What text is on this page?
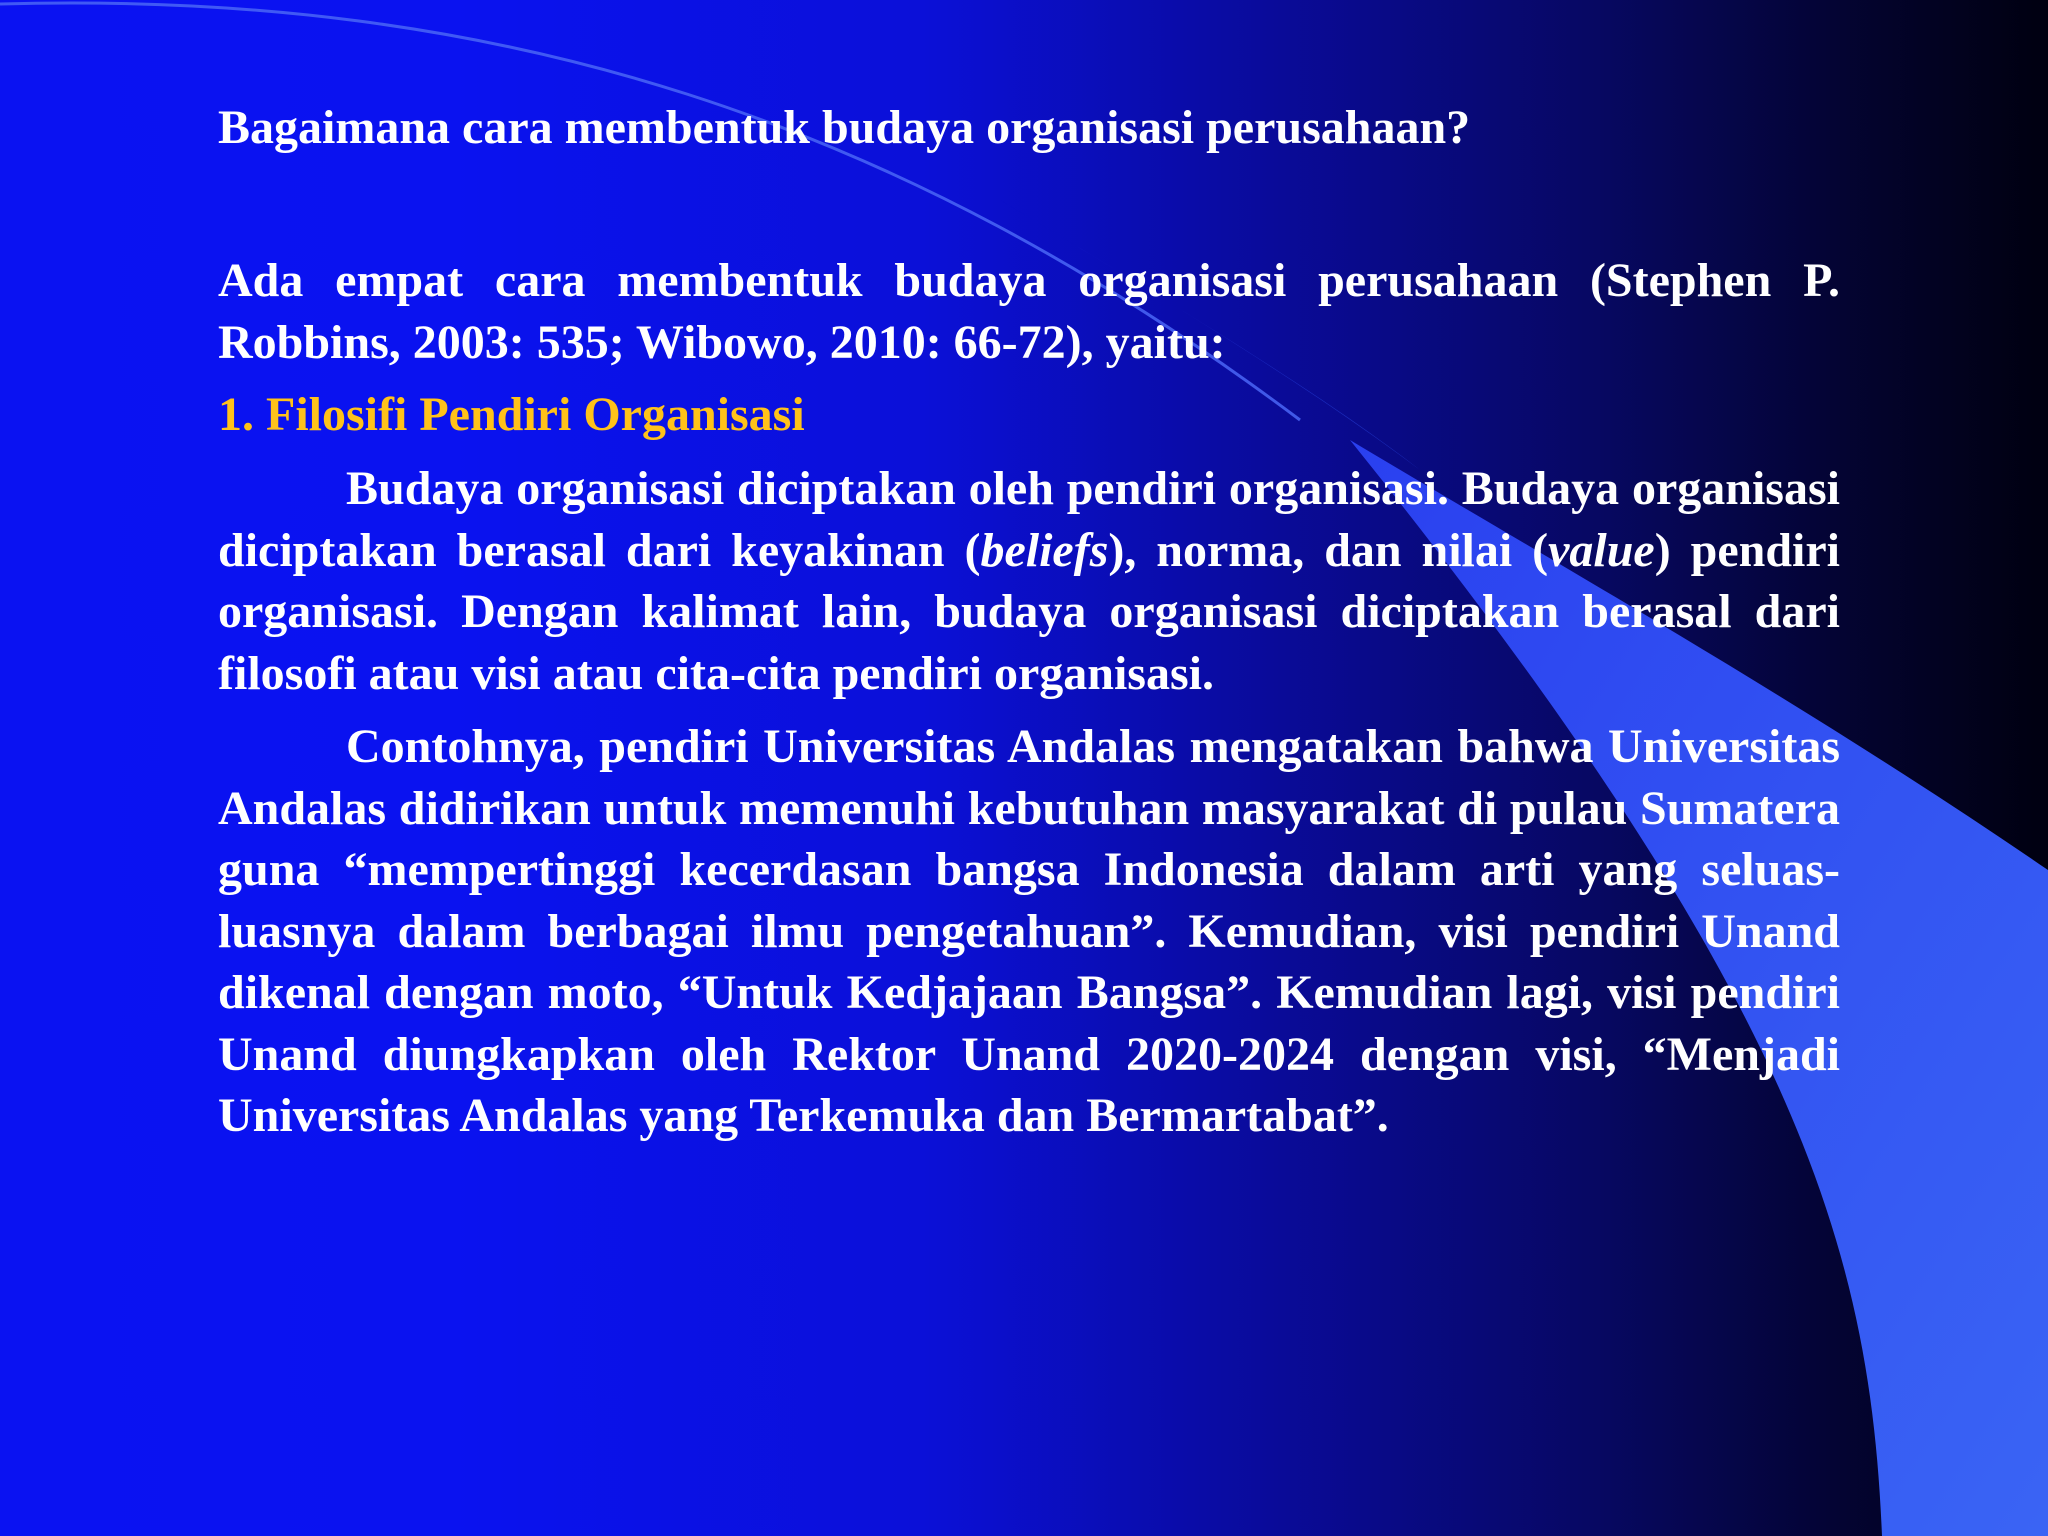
Bagaimana cara membentuk budaya organisasi perusahaan?

Ada empat cara membentuk budaya organisasi perusahaan (Stephen P. Robbins, 2003: 535; Wibowo, 2010: 66-72), yaitu:

1. Filosifi Pendiri Organisasi

Budaya organisasi diciptakan oleh pendiri organisasi. Budaya organisasi diciptakan berasal dari keyakinan (beliefs), norma, dan nilai (value) pendiri organisasi. Dengan kalimat lain, budaya organisasi diciptakan berasal dari filosofi atau visi atau cita-cita pendiri organisasi.

Contohnya, pendiri Universitas Andalas mengatakan bahwa Universitas Andalas didirikan untuk memenuhi kebutuhan masyarakat di pulau Sumatera guna “mempertinggi kecerdasan bangsa Indonesia dalam arti yang seluas-luasnya dalam berbagai ilmu pengetahuan”. Kemudian, visi pendiri Unand dikenal dengan moto, “Untuk Kedjajaan Bangsa”. Kemudian lagi, visi pendiri Unand diungkapkan oleh Rektor Unand 2020-2024 dengan visi, “Menjadi Universitas Andalas yang Terkemuka dan Bermartabat”.
